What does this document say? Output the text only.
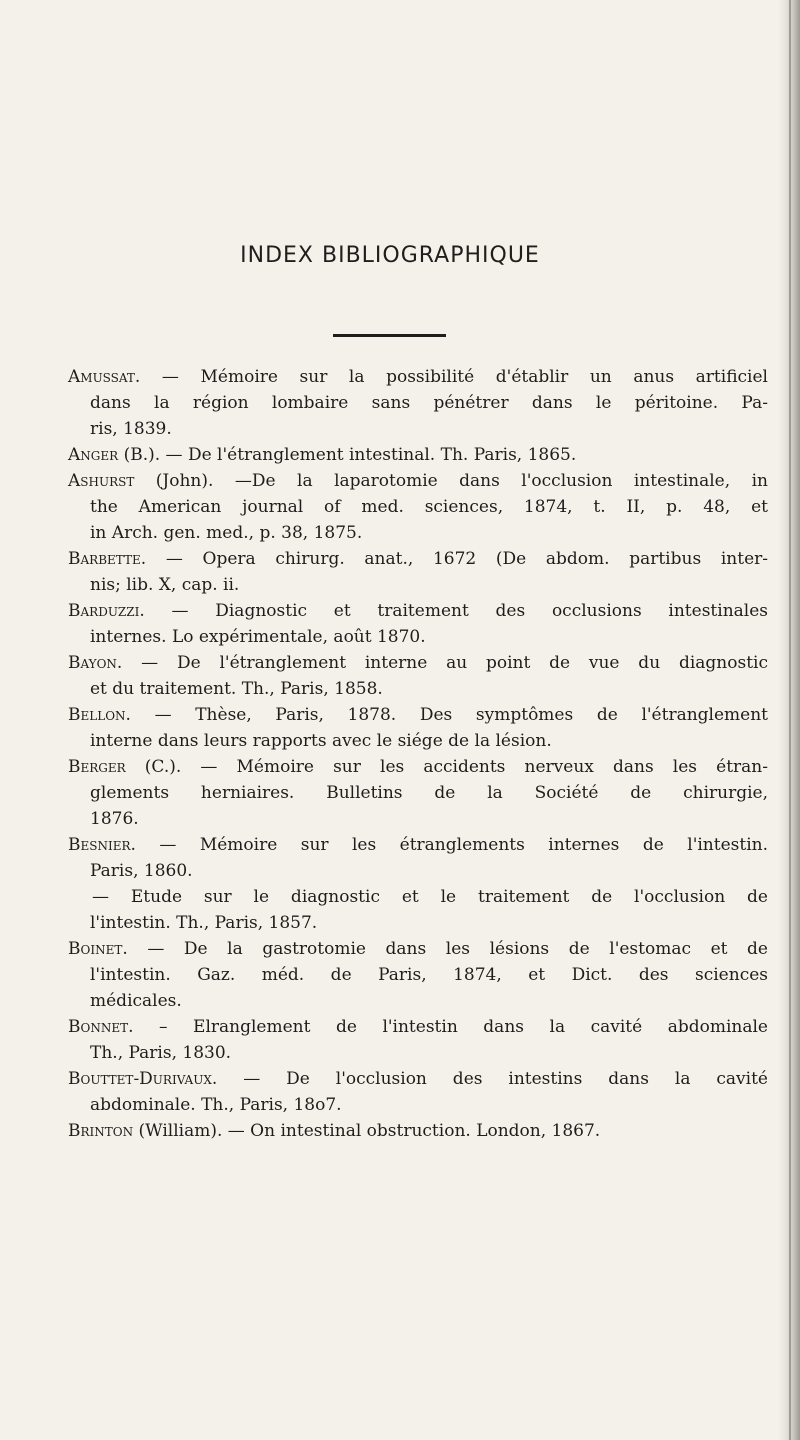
INDEX BIBLIOGRAPHIQUE
Amussat. — Mémoire sur la possibilité d'établir un anus artificiel
dans la région lombaire sans pénétrer dans le péritoine. Pa-
ris, 1839.
Anger (B.). — De l'étranglement intestinal. Th. Paris, 1865.
Ashurst (John). —De la laparotomie dans l'occlusion intestinale, in
the American journal of med. sciences, 1874, t. II, p. 48, et
in Arch. gen. med., p. 38, 1875.
Barbette. — Opera chirurg. anat., 1672 (De abdom. partibus inter-
nis; lib. X, cap. ii.
Barduzzi. — Diagnostic et traitement des occlusions intestinales
internes. Lo expérimentale, août 1870.
Bayon. — De l'étranglement interne au point de vue du diagnostic
et du traitement. Th., Paris, 1858.
Bellon. — Thèse, Paris, 1878. Des symptômes de l'étranglement
interne dans leurs rapports avec le siége de la lésion.
Berger (C.). — Mémoire sur les accidents nerveux dans les étran-
glements herniaires. Bulletins de la Société de chirurgie,
1876.
Besnier. — Mémoire sur les étranglements internes de l'intestin.
Paris, 1860.
— Etude sur le diagnostic et le traitement de l'occlusion de
l'intestin. Th., Paris, 1857.
Boinet. — De la gastrotomie dans les lésions de l'estomac et de
l'intestin. Gaz. méd. de Paris, 1874, et Dict. des sciences
médicales.
Bonnet. – Elranglement de l'intestin dans la cavité abdominale
Th., Paris, 1830.
Bouttet-Durivaux. — De l'occlusion des intestins dans la cavité
abdominale. Th., Paris, 18o7.
Brinton (William). — On intestinal obstruction. London, 1867.
